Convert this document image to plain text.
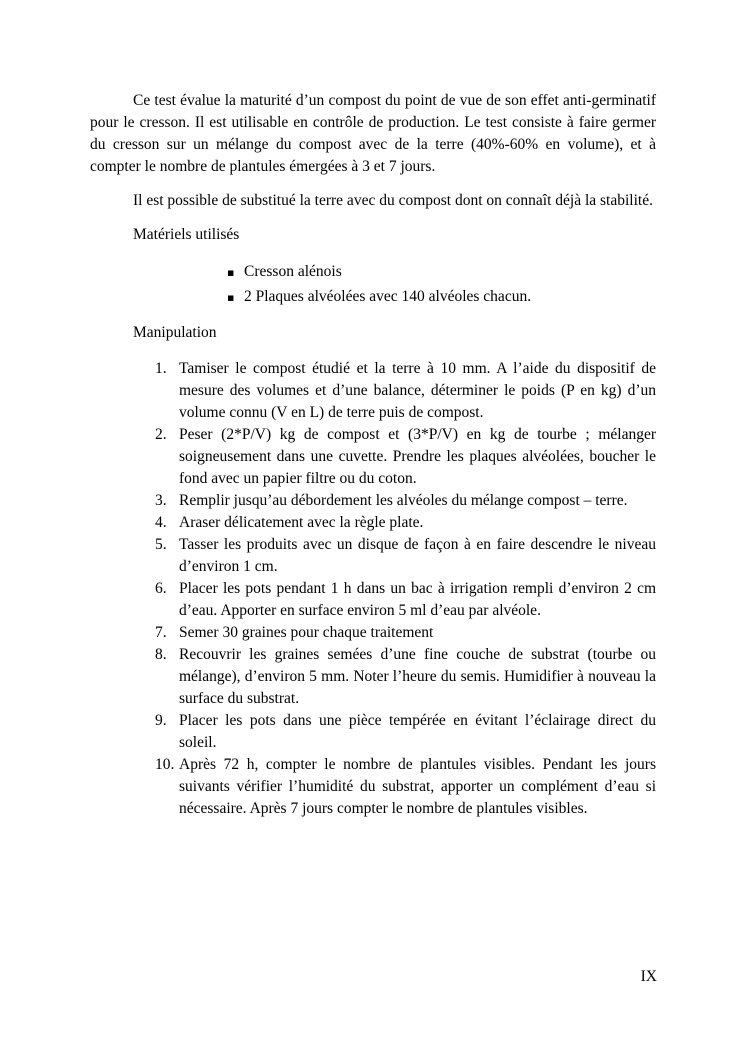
Ce test évalue la maturité d’un compost du point de vue de son effet anti-germinatif pour le cresson. Il est utilisable en contrôle de production. Le test consiste à faire germer du cresson sur un mélange du compost avec de la terre (40%-60% en volume), et à compter le nombre de plantules émergées à 3 et 7 jours.

Il est possible de substitué la terre avec du compost dont on connaît déjà la stabilité.

Matériels utilisés
▪ Cresson alénois
▪ 2 Plaques alvéolées avec 140 alvéoles chacun.
Manipulation
1. Tamiser le compost étudié et la terre à 10 mm. A l’aide du dispositif de mesure des volumes et d’une balance, déterminer le poids (P en kg) d’un volume connu (V en L) de terre puis de compost.
2. Peser (2*P/V) kg de compost et (3*P/V) en kg de tourbe ; mélanger soigneusement dans une cuvette. Prendre les plaques alvéolées, boucher le fond avec un papier filtre ou du coton.
3. Remplir jusqu’au débordement les alvéoles du mélange compost – terre.
4. Araser délicatement avec la règle plate.
5. Tasser les produits avec un disque de façon à en faire descendre le niveau d’environ 1 cm.
6. Placer les pots pendant 1 h dans un bac à irrigation rempli d’environ 2 cm d’eau. Apporter en surface environ 5 ml d’eau par alvéole.
7. Semer 30 graines pour chaque traitement
8. Recouvrir les graines semées d’une fine couche de substrat (tourbe ou mélange), d’environ 5 mm. Noter l’heure du semis. Humidifier à nouveau la surface du substrat.
9. Placer les pots dans une pièce tempérée en évitant l’éclairage direct du soleil.
10. Après 72 h, compter le nombre de plantules visibles. Pendant les jours suivants vérifier l’humidité du substrat, apporter un complément d’eau si nécessaire. Après 7 jours compter le nombre de plantules visibles.
IX
